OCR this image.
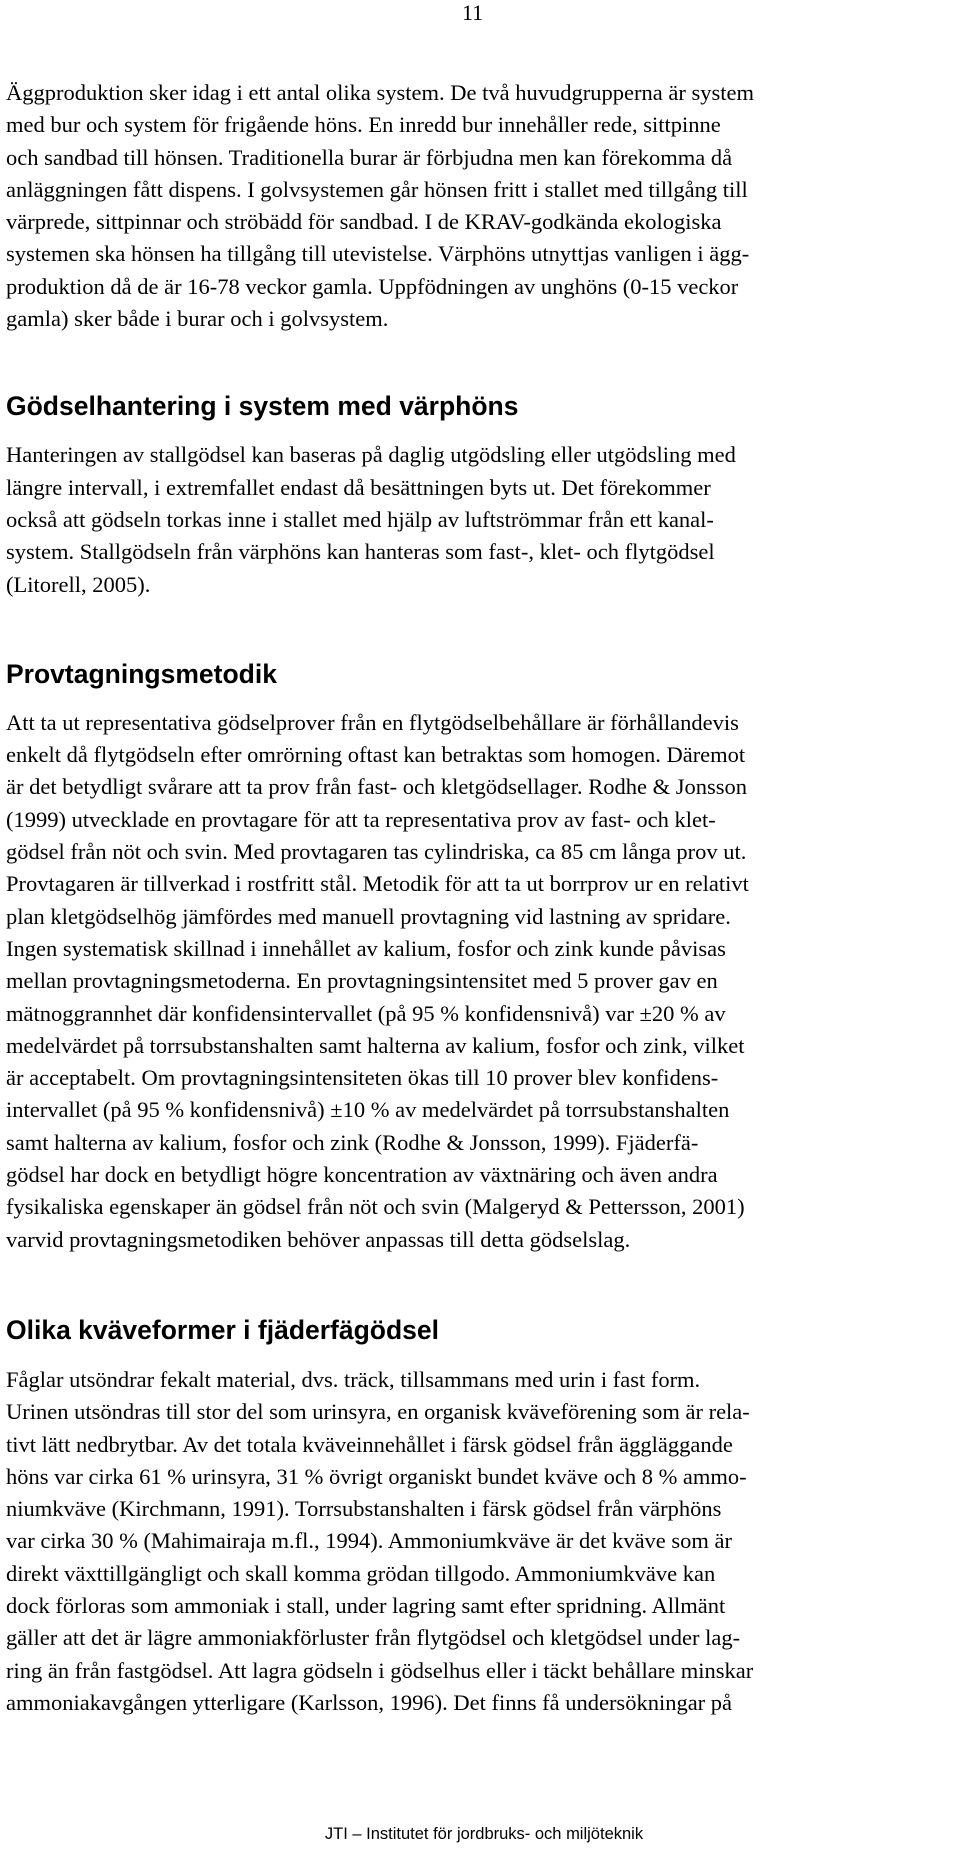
11
Äggproduktion sker idag i ett antal olika system. De två huvudgrupperna är system
med bur och system för frigående höns. En inredd bur innehåller rede, sittpinne
och sandbad till hönsen. Traditionella burar är förbjudna men kan förekomma då
anläggningen fått dispens. I golvsystemen går hönsen fritt i stallet med tillgång till
värprede, sittpinnar och ströbädd för sandbad. I de KRAV-godkända ekologiska
systemen ska hönsen ha tillgång till utevistelse. Värphöns utnyttjas vanligen i ägg-
produktion då de är 16-78 veckor gamla. Uppfödningen av unghöns (0-15 veckor
gamla) sker både i burar och i golvsystem.
Gödselhantering i system med värphöns
Hanteringen av stallgödsel kan baseras på daglig utgödsling eller utgödsling med
längre intervall, i extremfallet endast då besättningen byts ut. Det förekommer
också att gödseln torkas inne i stallet med hjälp av luftströmmar från ett kanal-
system. Stallgödseln från värphöns kan hanteras som fast-, klet- och flytgödsel
(Litorell, 2005).
Provtagningsmetodik
Att ta ut representativa gödselprover från en flytgödselbehållare är förhållandevis
enkelt då flytgödseln efter omrörning oftast kan betraktas som homogen. Däremot
är det betydligt svårare att ta prov från fast- och kletgödsellager. Rodhe & Jonsson
(1999) utvecklade en provtagare för att ta representativa prov av fast- och klet-
gödsel från nöt och svin. Med provtagaren tas cylindriska, ca 85 cm långa prov ut.
Provtagaren är tillverkad i rostfritt stål. Metodik för att ta ut borrprov ur en relativt
plan kletgödselhög jämfördes med manuell provtagning vid lastning av spridare.
Ingen systematisk skillnad i innehållet av kalium, fosfor och zink kunde påvisas
mellan provtagningsmetoderna. En provtagningsintensitet med 5 prover gav en
mätnoggrannhet där konfidensintervallet (på 95 % konfidensnivå) var ±20 % av
medelvärdet på torrsubstanshalten samt halterna av kalium, fosfor och zink, vilket
är acceptabelt. Om provtagningsintensiteten ökas till 10 prover blev konfidens-
intervallet (på 95 % konfidensnivå) ±10 % av medelvärdet på torrsubstanshalten
samt halterna av kalium, fosfor och zink (Rodhe & Jonsson, 1999). Fjäderfä-
gödsel har dock en betydligt högre koncentration av växtnäring och även andra
fysikaliska egenskaper än gödsel från nöt och svin (Malgeryd & Pettersson, 2001)
varvid provtagningsmetodiken behöver anpassas till detta gödselslag.
Olika kväveformer i fjäderfägödsel
Fåglar utsöndrar fekalt material, dvs. träck, tillsammans med urin i fast form.
Urinen utsöndras till stor del som urinsyra, en organisk kväveförening som är rela-
tivt lätt nedbrytbar. Av det totala kväveinnehållet i färsk gödsel från äggläggande
höns var cirka 61 % urinsyra, 31 % övrigt organiskt bundet kväve och 8 % ammo-
niumkväve (Kirchmann, 1991). Torrsubstanshalten i färsk gödsel från värphöns
var cirka 30 % (Mahimairaja m.fl., 1994). Ammoniumkväve är det kväve som är
direkt växttillgängligt och skall komma grödan tillgodo. Ammoniumkväve kan
dock förloras som ammoniak i stall, under lagring samt efter spridning. Allmänt
gäller att det är lägre ammoniakförluster från flytgödsel och kletgödsel under lag-
ring än från fastgödsel. Att lagra gödseln i gödselhus eller i täckt behållare minskar
ammoniakavgången ytterligare (Karlsson, 1996). Det finns få undersökningar på
JTI – Institutet för jordbruks- och miljöteknik
